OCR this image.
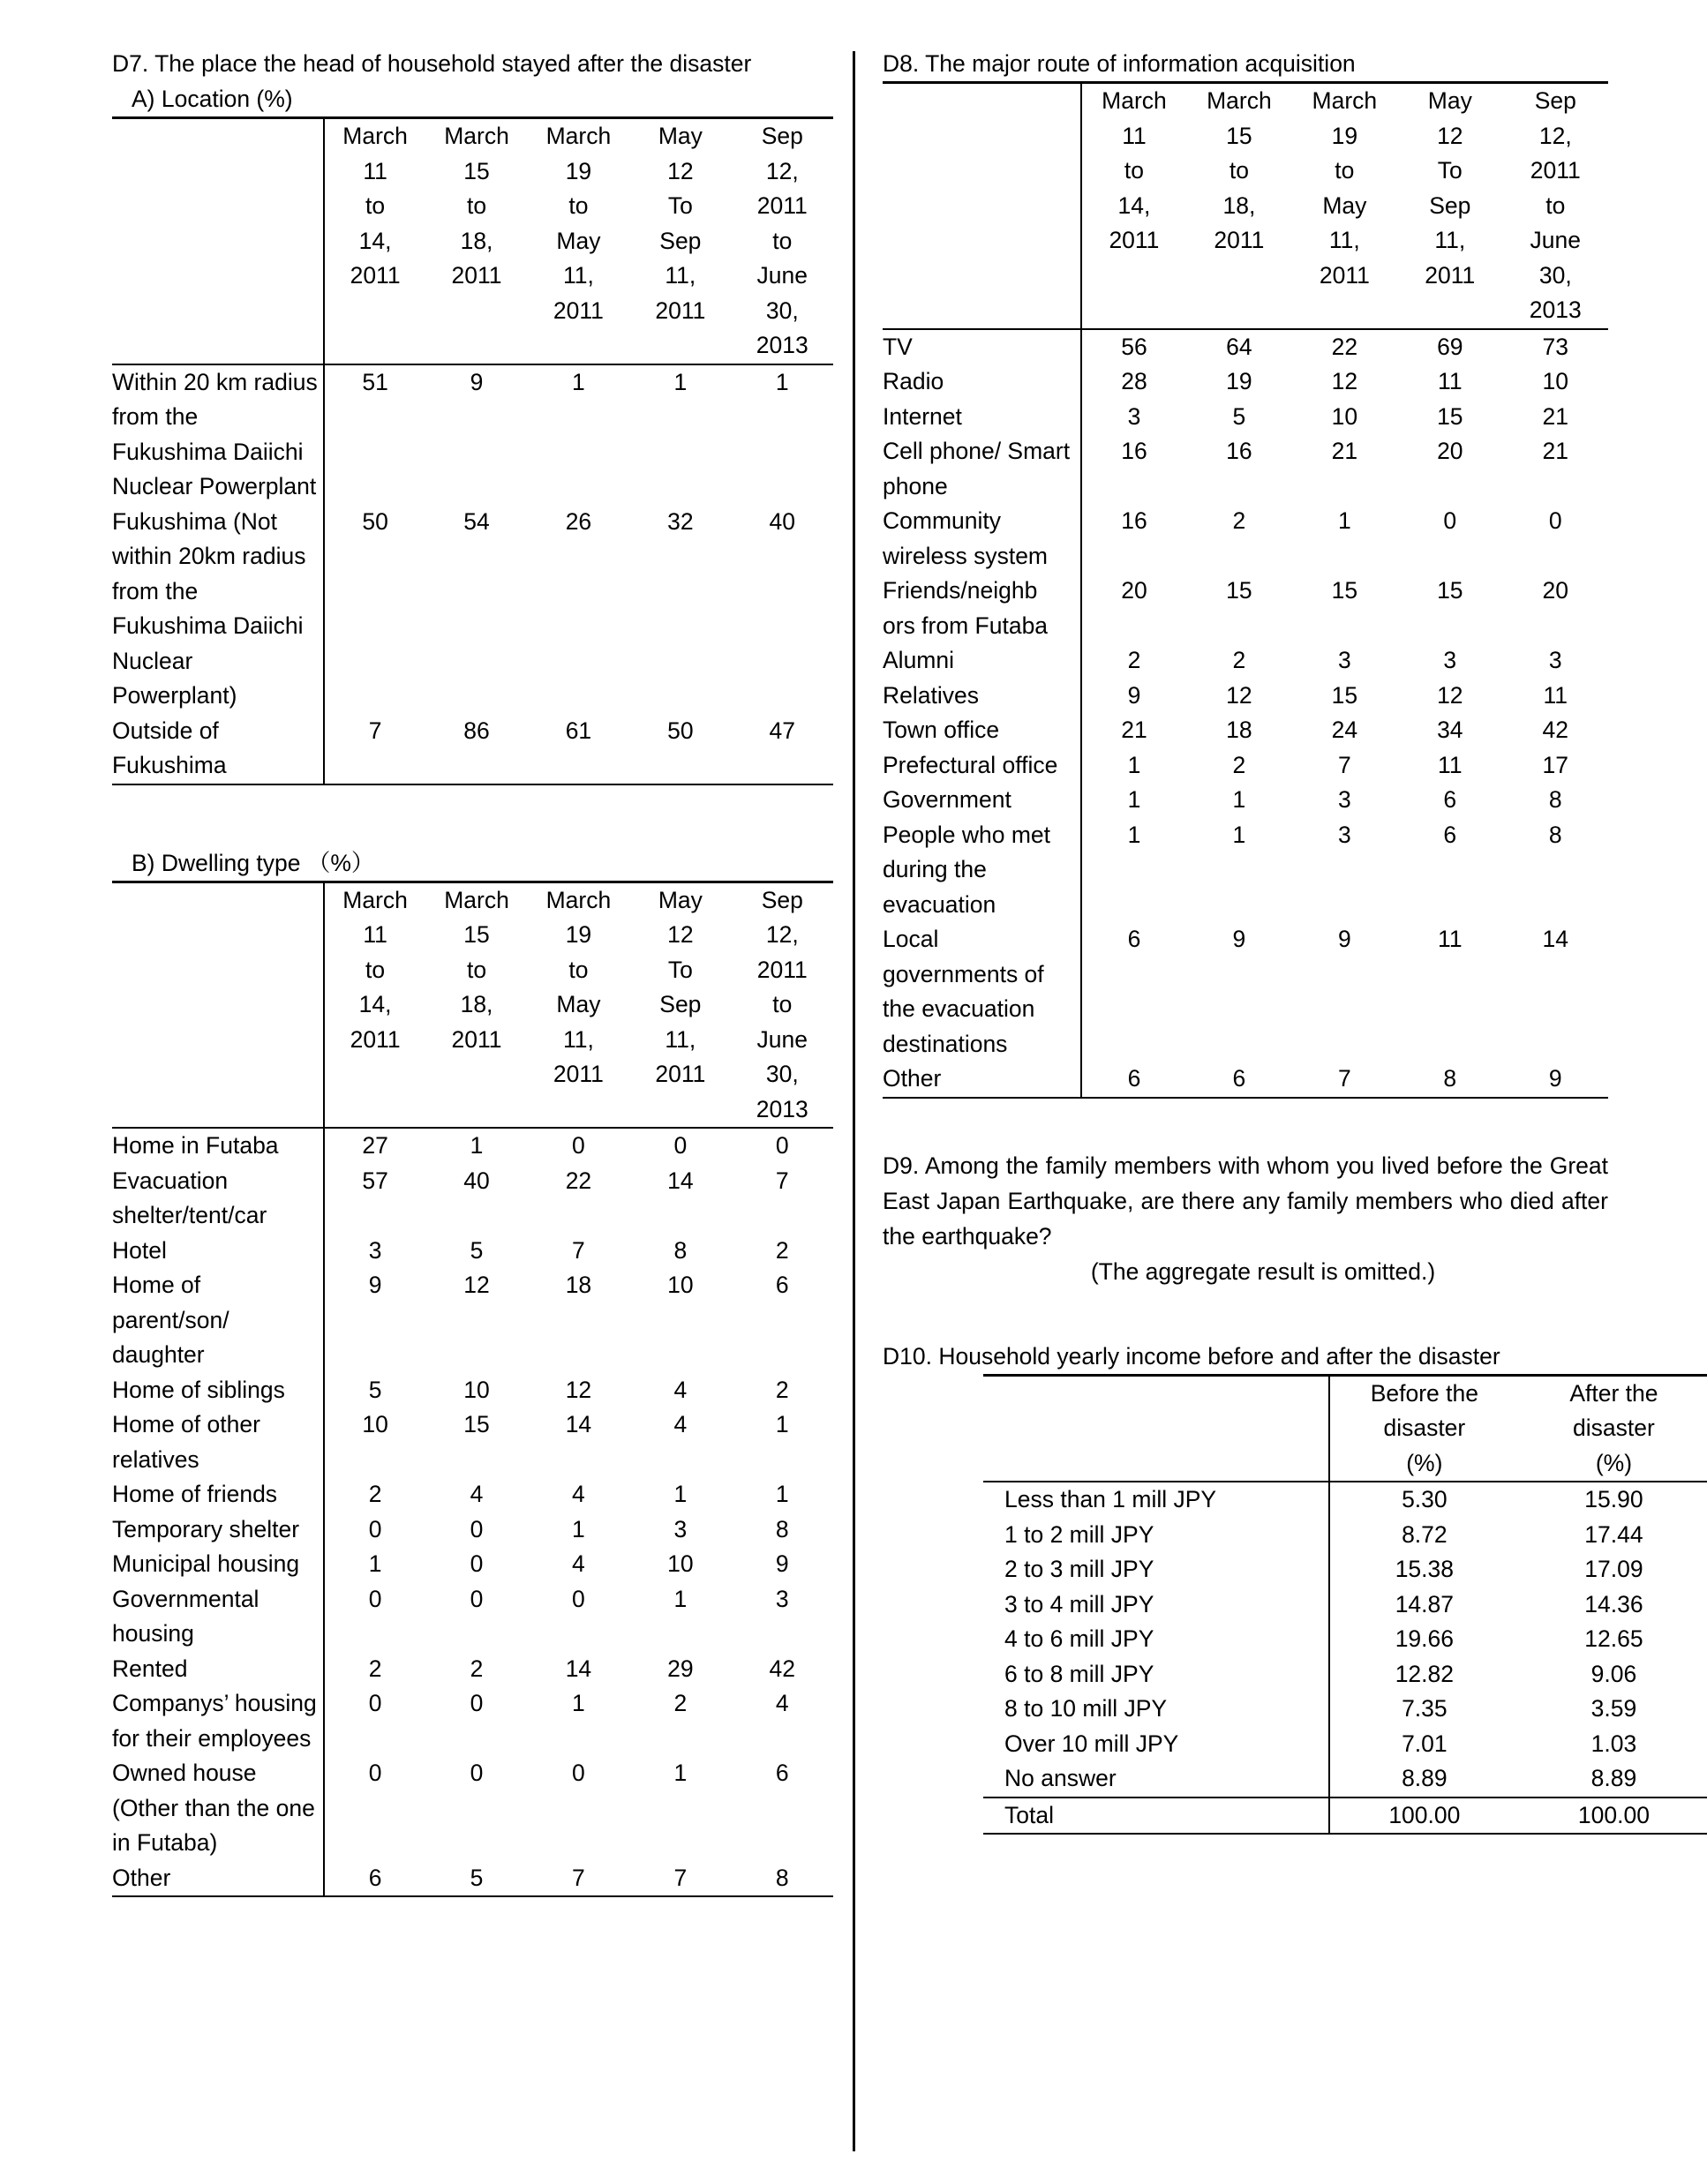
D7. The place the head of household stayed after the disaster
A) Location (%)

March
11
to
14,
2011

March
15
to
18,
2011

March
19
to
May
11,
2011

May
12
To
Sep
11,
2011

Sep
12,
2011
to
June
30,
2013

Within 20 km radius from the Fukushima Daiichi Nuclear Powerplant	51	9	1	1	1
Fukushima (Not within 20km radius from the Fukushima Daiichi Nuclear Powerplant)	50	54	26	32	40
Outside of Fukushima	7	86	61	50	47
B) Dwelling type （%）

March
11
to
14,
2011

March
15
to
18,
2011

March
19
to
May
11,
2011

May
12
To
Sep
11,
2011

Sep
12,
2011
to
June
30,
2013

Home in Futaba	27	1	0	0	0
Evacuation shelter/tent/car	57	40	22	14	7
Hotel	3	5	7	8	2
Home of parent/son/ daughter	9	12	18	10	6
Home of siblings	5	10	12	4	2
Home of other relatives	10	15	14	4	1
Home of friends	2	4	4	1	1
Temporary shelter	0	0	1	3	8
Municipal housing	1	0	4	10	9
Governmental housing	0	0	0	1	3
Rented	2	2	14	29	42
Companys’ housing for their employees	0	0	1	2	4
Owned house (Other than the one in Futaba)	0	0	0	1	6
Other	6	5	7	7	8
D8. The major route of information acquisition

March
11
to
14,
2011

March
15
to
18,
2011

March
19
to
May
11,
2011

May
12
To
Sep
11,
2011

Sep
12,
2011
to
June
30,
2013

TV	56	64	22	69	73
Radio	28	19	12	11	10
Internet	3	5	10	15	21
Cell phone/ Smart phone	16	16	21	20	21
Community wireless system	16	2	1	0	0
Friends/neighb ors from Futaba	20	15	15	15	20
Alumni	2	2	3	3	3
Relatives	9	12	15	12	11
Town office	21	18	24	34	42
Prefectural office	1	2	7	11	17
Government	1	1	3	6	8
People who met during the evacuation	1	1	3	6	8
Local governments of the evacuation destinations	6	9	9	11	14
Other	6	6	7	8	9
D9. Among the family members with whom you lived before the Great East Japan Earthquake, are there any family members who died after the earthquake?
(The aggregate result is omitted.)
D10. Household yearly income before and after the disaster

Before the
disaster
(%)

After the
disaster
(%)

Less than 1 mill JPY	5.30	15.90
1 to 2 mill JPY	8.72	17.44
2 to 3 mill JPY	15.38	17.09
3 to 4 mill JPY	14.87	14.36
4 to 6 mill JPY	19.66	12.65
6 to 8 mill JPY	12.82	9.06
8 to 10 mill JPY	7.35	3.59
Over 10 mill JPY	7.01	1.03
No answer	8.89	8.89
Total	100.00	100.00
